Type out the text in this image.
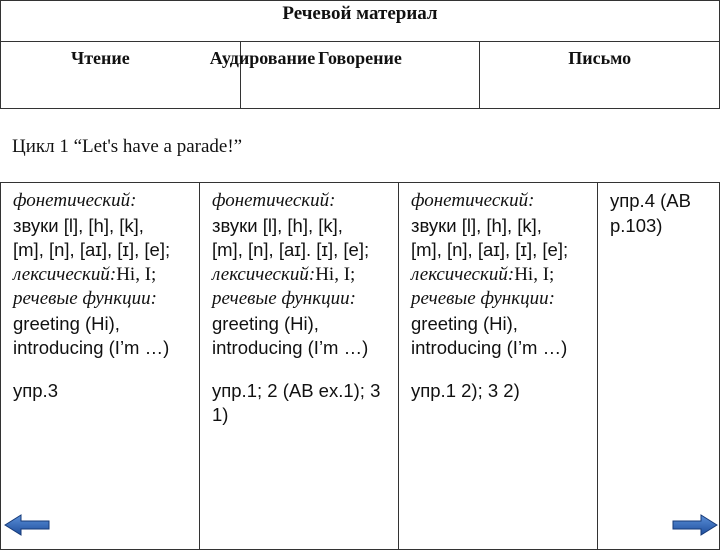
Речевой материал

Чтение	Аудирование	Говорение	Письмо
Цикл 1 “Let's have a parade!”
фонетический:
звуки [l], [h], [k],
[m], [n], [aɪ], [ɪ], [e];
лексический:Hi, I;
речевые функции:
greeting (Hi),
introducing (I’m …)
упр.3

фонетический:
звуки [l], [h], [k],
[m], [n], [aɪ]. [ɪ], [e];
лексический:Hi, I;
речевые функции:
greeting (Hi),
introducing (I’m …)
упр.1; 2 (AB ex.1); 3
1)

фонетический:
звуки [l], [h], [k],
[m], [n], [aɪ], [ɪ], [e];
лексический:Hi, I;
речевые функции:
greeting (Hi),
introducing (I’m …)
упр.1 2); 3 2)

упр.4 (AB
p.103)
